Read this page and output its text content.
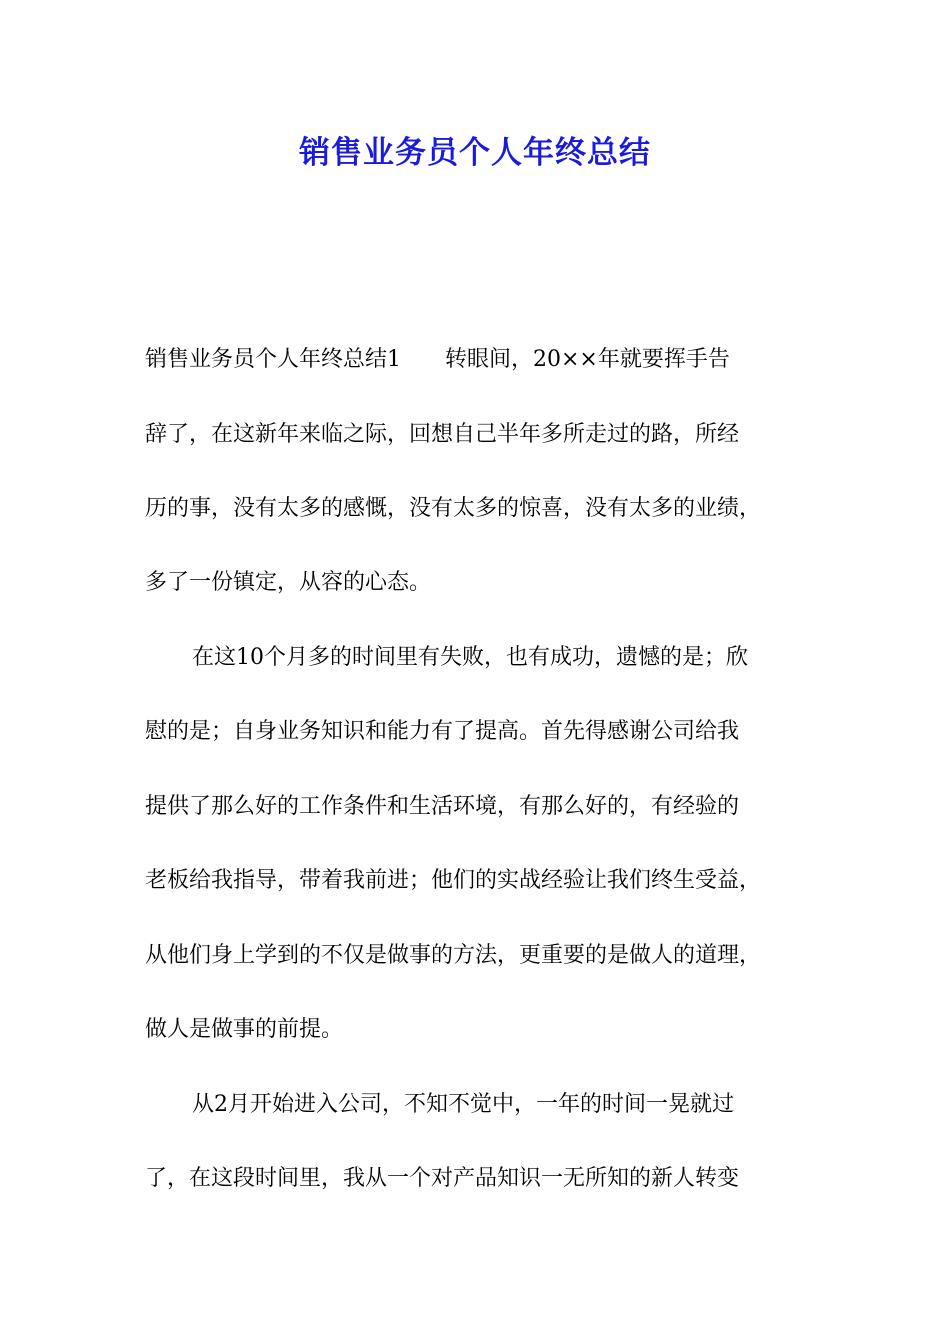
销售业务员个人年终总结
销售业务员个人年终总结1　　转眼间，20××年就要挥手告
辞了，在这新年来临之际，回想自己半年多所走过的路，所经
历的事，没有太多的感慨，没有太多的惊喜，没有太多的业绩，
多了一份镇定，从容的心态。
在这10个月多的时间里有失败，也有成功，遗憾的是；欣
慰的是；自身业务知识和能力有了提高。首先得感谢公司给我
提供了那么好的工作条件和生活环境，有那么好的，有经验的
老板给我指导，带着我前进；他们的实战经验让我们终生受益，
从他们身上学到的不仅是做事的方法，更重要的是做人的道理，
做人是做事的前提。
从2月开始进入公司，不知不觉中，一年的时间一晃就过
了，在这段时间里，我从一个对产品知识一无所知的新人转变
